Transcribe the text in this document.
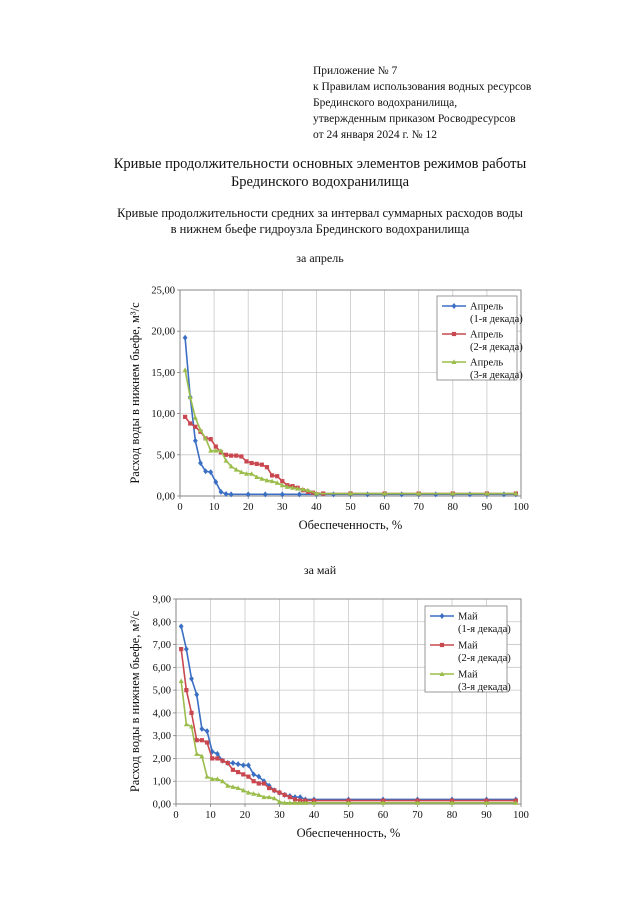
Приложение № 7
к Правилам использования водных ресурсов
Брединского водохранилища,
утвержденным приказом Росводресурсов
от 24 января 2024 г. № 12
Кривые продолжительности основных элементов режимов работы
Брединского водохранилища
Кривые продолжительности средних за интервал суммарных расходов воды
в нижнем бьефе гидроузла Брединского водохранилища
за апрель
0 10 20 30 40 50 60 70 80 90 100
0,00
5,00
10,00
15,00
20,00
25,00
Обеспеченность, %
Расход воды в нижнем бьефе, м³/с	Апрель
(1-я декада)
Апрель
(2-я декада)
Апрель
(3-я декада)
за май
0	10 20 30 40 50 60 70 80 90 100
0,00
1,00
2,00
3,00
4,00
5,00
6,00
7,00
8,00
9,00
Обеспеченность, %
Расход воды в нижнем бьефе, м³/с	Май
(1-я декада)
Май
(2-я декада)
Май
(3-я декада)
